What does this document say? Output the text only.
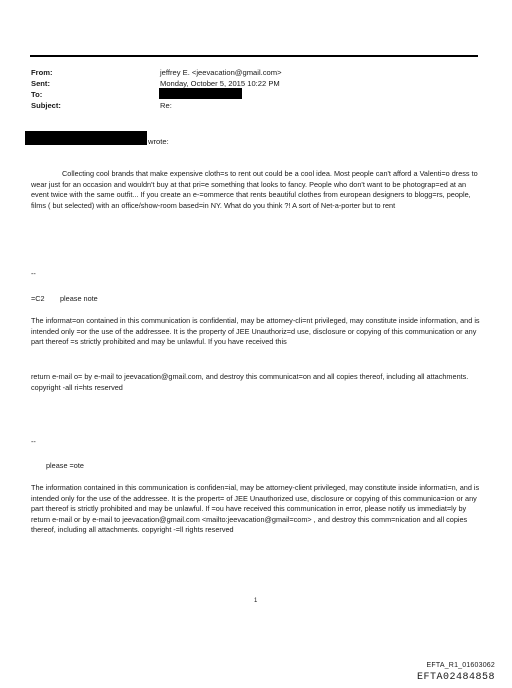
From:	jeffrey E. <jeevacation@gmail.com>
Sent:	Monday, October 5, 2015 10:22 PM
To:
Subject:	Re:
wrote:

Collecting cool brands that make expensive cloth=s to rent out could be a cool idea. Most people can't afford a Valenti=o dress to wear just for an occasion and wouldn't buy at that pri=e something that looks to fancy. People who don't want to be photograp=ed at an event twice with the same outfit... If you create an e-=ommerce that rents beautiful clothes from european designers to blogg=rs, people, films ( but selected) with an office/show-room based=in NY. What do you think ?! A sort of Net-a-porter but to rent

--
=C2 please note

The informat=on contained in this communication is confidential, may be attorney-cli=nt privileged, may constitute inside information, and is intended only =or the use of the addressee. It is the property of JEE Unauthoriz=d use, disclosure or copying of this communication or any part thereof =s strictly prohibited and may be unlawful. If you have received this

return e-mail o= by e-mail to jeevacation@gmail.com, and destroy this communicat=on and all copies thereof, including all attachments. copyright -all ri=hts reserved

--
please =ote

The information contained in this communication is confiden=ial, may be attorney-client privileged, may constitute inside informati=n, and is intended only for the use of the addressee. It is the propert= of JEE Unauthorized use, disclosure or copying of this communica=ion or any part thereof is strictly prohibited and may be unlawful. If =ou have received this communication in error, please notify us immediat=ly by return e-mail or by e-mail to jeevacation@gmail.com <mailto:jeevacation@gmail=com> , and destroy this comm=nication and all copies thereof, including all attachments. copyright -=ll rights reserved

1
EFTA_R1_01603062
EFTA02484858
